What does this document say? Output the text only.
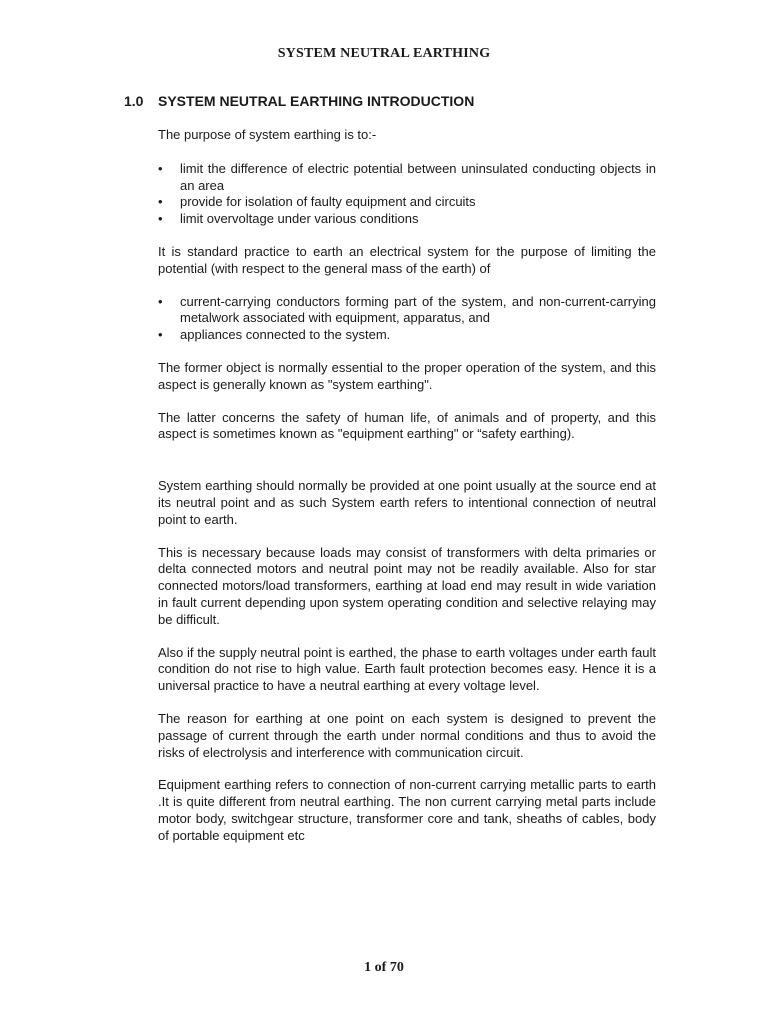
SYSTEM NEUTRAL EARTHING
1.0 SYSTEM NEUTRAL EARTHING INTRODUCTION

The purpose of system earthing is to:-

• limit the difference of electric potential between uninsulated conducting objects in an area
• provide for isolation of faulty equipment and circuits
• limit overvoltage under various conditions

It is standard practice to earth an electrical system for the purpose of limiting the potential (with respect to the general mass of the earth) of

• current-carrying conductors forming part of the system, and non-current-carrying metalwork associated with equipment, apparatus, and
• appliances connected to the system.

The former object is normally essential to the proper operation of the system, and this aspect is generally known as "system earthing".

The latter concerns the safety of human life, of animals and of property, and this aspect is sometimes known as "equipment earthing" or “safety earthing).

System earthing should normally be provided at one point usually at the source end at its neutral point and as such System earth refers to intentional connection of neutral point to earth.

This is necessary because loads may consist of transformers with delta primaries or delta connected motors and neutral point may not be readily available. Also for star connected motors/load transformers, earthing at load end may result in wide variation in fault current depending upon system operating condition and selective relaying may be difficult.

Also if the supply neutral point is earthed, the phase to earth voltages under earth fault condition do not rise to high value. Earth fault protection becomes easy. Hence it is a universal practice to have a neutral earthing at every voltage level.

The reason for earthing at one point on each system is designed to prevent the passage of current through the earth under normal conditions and thus to avoid the risks of electrolysis and interference with communication circuit.

Equipment earthing refers to connection of non-current carrying metallic parts to earth .It is quite different from neutral earthing. The non current carrying metal parts include motor body, switchgear structure, transformer core and tank, sheaths of cables, body of portable equipment etc

1 of 70
